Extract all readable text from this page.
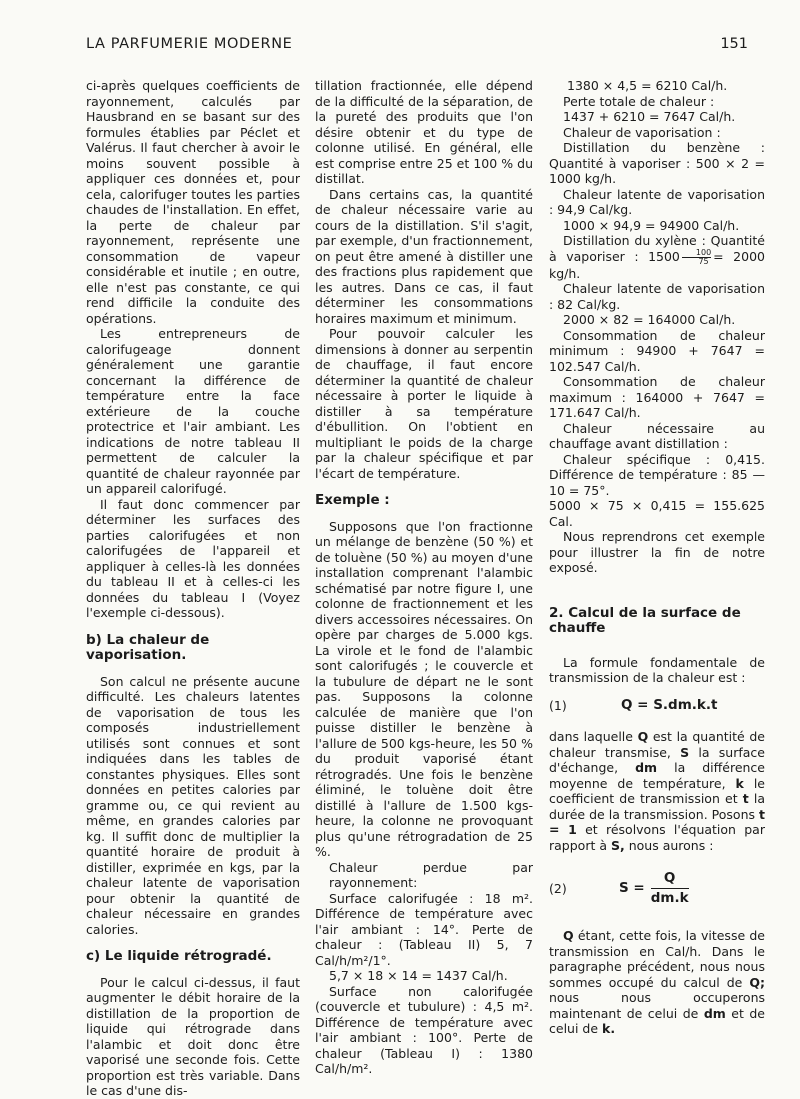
LA PARFUMERIE MODERNE	151

ci-après quelques coefficients de rayonnement, calculés par Hausbrand en se basant sur des formules établies par Péclet et Valérus. Il faut chercher à avoir le moins souvent possible à appliquer ces données et, pour cela, calorifuger toutes les parties chaudes de l'installation. En effet, la perte de chaleur par rayonnement, représente une consommation de vapeur considérable et inutile ; en outre, elle n'est pas constante, ce qui rend difficile la conduite des opérations.

Les entrepreneurs de calorifugeage donnent généralement une garantie concernant la différence de température entre la face extérieure de la couche protectrice et l'air ambiant. Les indications de notre tableau II permettent de calculer la quantité de chaleur rayonnée par un appareil calorifugé.

Il faut donc commencer par déterminer les surfaces des parties calorifugées et non calorifugées de l'appareil et appliquer à celles-là les données du tableau II et à celles-ci les données du tableau I (Voyez l'exemple ci-dessous).

b) La chaleur de vaporisation.

Son calcul ne présente aucune difficulté. Les chaleurs latentes de vaporisation de tous les composés industriellement utilisés sont connues et sont indiquées dans les tables de constantes physiques. Elles sont données en petites calories par gramme ou, ce qui revient au même, en grandes calories par kg. Il suffit donc de multiplier la quantité horaire de produit à distiller, exprimée en kgs, par la chaleur latente de vaporisation pour obtenir la quantité de chaleur nécessaire en grandes calories.

c) Le liquide rétrogradé.

Pour le calcul ci-dessus, il faut augmenter le débit horaire de la distillation de la proportion de liquide qui rétrograde dans l'alambic et doit donc être vaporisé une seconde fois. Cette proportion est très variable. Dans le cas d'une dis-

tillation fractionnée, elle dépend de la difficulté de la séparation, de la pureté des produits que l'on désire obtenir et du type de colonne utilisé. En général, elle est comprise entre 25 et 100 % du distillat.

Dans certains cas, la quantité de chaleur nécessaire varie au cours de la distillation. S'il s'agit, par exemple, d'un fractionnement, on peut être amené à distiller une des fractions plus rapidement que les autres. Dans ce cas, il faut déterminer les consommations horaires maximum et minimum.

Pour pouvoir calculer les dimensions à donner au serpentin de chauffage, il faut encore déterminer la quantité de chaleur nécessaire à porter le liquide à distiller à sa température d'ébullition. On l'obtient en multipliant le poids de la charge par la chaleur spécifique et par l'écart de température.

Exemple :

Supposons que l'on fractionne un mélange de benzène (50 %) et de toluène (50 %) au moyen d'une installation comprenant l'alambic schématisé par notre figure I, une colonne de fractionnement et les divers accessoires nécessaires. On opère par charges de 5.000 kgs. La virole et le fond de l'alambic sont calorifugés ; le couvercle et la tubulure de départ ne le sont pas. Supposons la colonne calculée de manière que l'on puisse distiller le benzène à l'allure de 500 kgs-heure, les 50 % du produit vaporisé étant rétrogradés. Une fois le benzène éliminé, le toluène doit être distillé à l'allure de 1.500 kgs-heure, la colonne ne provoquant plus qu'une rétrogradation de 25 %.

Chaleur perdue par rayonnement:

Surface calorifugée : 18 m². Différence de température avec l'air ambiant : 14°. Perte de chaleur : (Tableau II) 5, 7 Cal/h/m²/1°.

5,7 × 18 × 14 = 1437 Cal/h.

Surface non calorifugée (couvercle et tubulure) : 4,5 m². Différence de température avec l'air ambiant : 100°. Perte de chaleur (Tableau I) : 1380 Cal/h/m².

1380 × 4,5 = 6210 Cal/h.

Perte totale de chaleur :

1437 + 6210 = 7647 Cal/h.

Chaleur de vaporisation :

Distillation du benzène : Quantité à vaporiser : 500 × 2 = 1000 kg/h.

Chaleur latente de vaporisation : 94,9 Cal/kg.

1000 × 94,9 = 94900 Cal/h.

Distillation du xylène : Quantité à vaporiser : $1500 \frac{100}{75} = 2000$ kg/h.

Chaleur latente de vaporisation : 82 Cal/kg.

2000 × 82 = 164000 Cal/h.

Consommation de chaleur minimum : 94900 + 7647 = 102.547 Cal/h.

Consommation de chaleur maximum : 164000 + 7647 = 171.647 Cal/h.

Chaleur nécessaire au chauffage avant distillation :

Chaleur spécifique : 0,415. Différence de température : 85 — 10 = 75°.

5000 × 75 × 0,415 = 155.625 Cal.

Nous reprendrons cet exemple pour illustrer la fin de notre exposé.

2. Calcul de la surface de chauffe

La formule fondamentale de transmission de la chaleur est :

(1)	Q = S.dm.k.t

dans laquelle Q est la quantité de chaleur transmise, S la surface d'échange, dm la différence moyenne de température, k le coefficient de transmission et t la durée de la transmission. Posons t = 1 et résolvons l'équation par rapport à S, nous aurons :

(2)	$S = \frac{Q}{dm.k}$

Q étant, cette fois, la vitesse de transmission en Cal/h. Dans le paragraphe précédent, nous nous sommes occupé du calcul de Q; nous nous occuperons maintenant de celui de dm et de celui de k.
